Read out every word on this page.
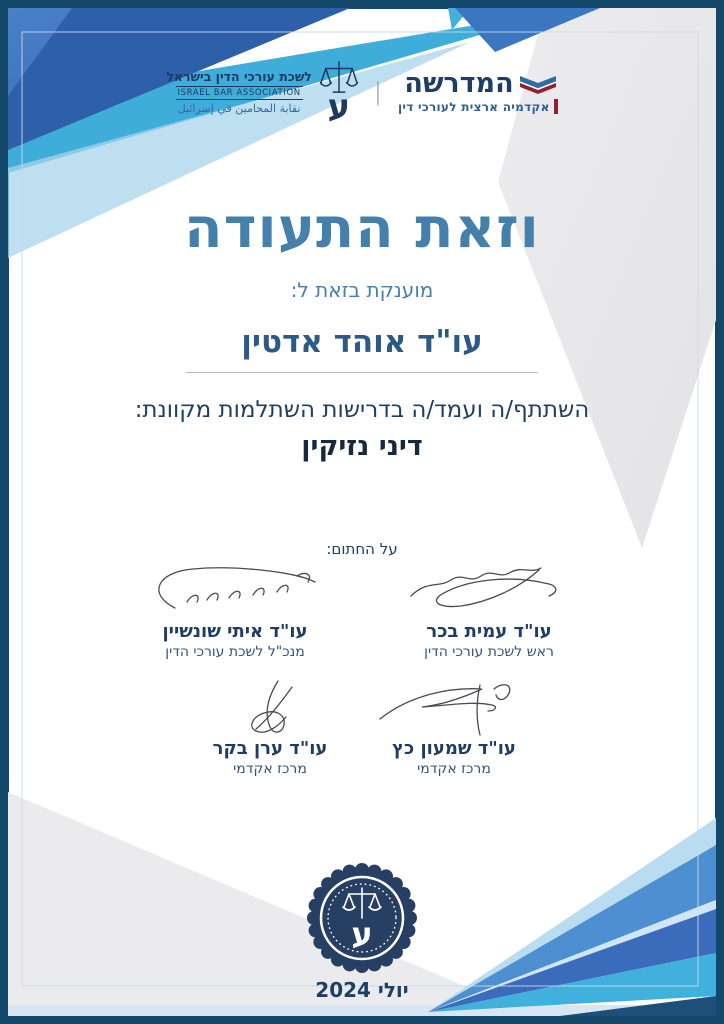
המדרשה
אקדמיה ארצית לעורכי דין
|
ע
לשכת עורכי הדין בישראל
ISRAEL BAR ASSOCIATION
نقابة المحامين في إسرائيل
וזאת התעודה
מוענקת בזאת ל:
עו"ד אוהד אדטין
השתתף/ה ועמד/ה בדרישות השתלמות מקוונת:
דיני נזיקין
על החתום:
עו"ד עמית בכר
ראש לשכת עורכי הדין
עו"ד איתי שונשיין
מנכ"ל לשכת עורכי הדין
עו"ד שמעון כץ
מרכז אקדמי
עו"ד ערן בקר
מרכז אקדמי
ע
יולי 2024
